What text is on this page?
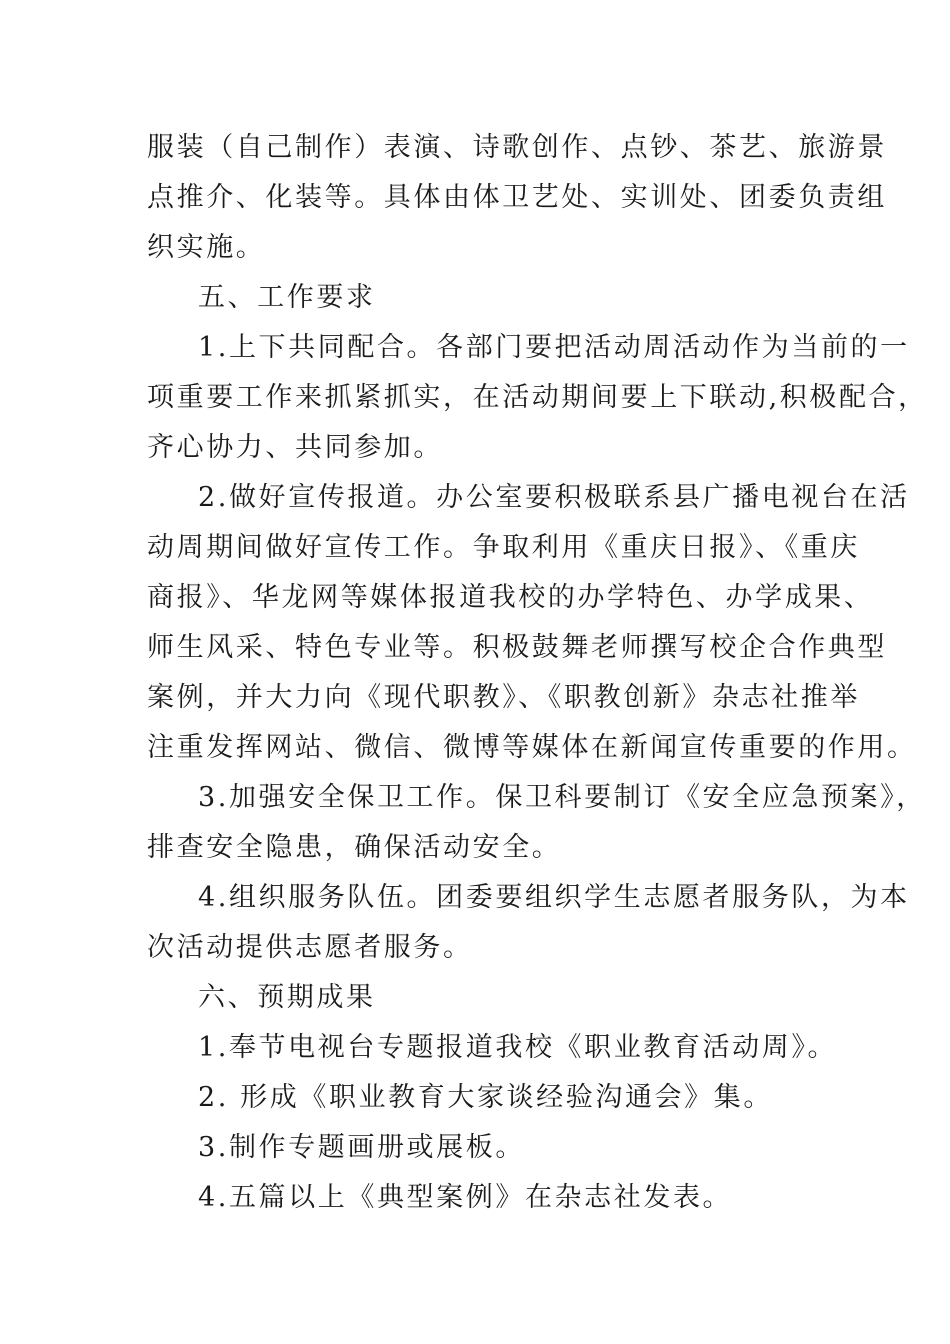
服装（自己制作）表演、诗歌创作、点钞、茶艺、旅游景

点推介、化装等。具体由体卫艺处、实训处、团委负责组

织实施。

五、工作要求

1.上下共同配合。各部门要把活动周活动作为当前的一

项重要工作来抓紧抓实，在活动期间要上下联动,积极配合，

齐心协力、共同参加。

2.做好宣传报道。办公室要积极联系县广播电视台在活

动周期间做好宣传工作。争取利用《重庆日报》、《重庆

商报》、华龙网等媒体报道我校的办学特色、办学成果、

师生风采、特色专业等。积极鼓舞老师撰写校企合作典型

案例，并大力向《现代职教》、《职教创新》杂志社推举

注重发挥网站、微信、微博等媒体在新闻宣传重要的作用。

3.加强安全保卫工作。保卫科要制订《安全应急预案》，

排查安全隐患，确保活动安全。

4.组织服务队伍。团委要组织学生志愿者服务队，为本

次活动提供志愿者服务。

六、预期成果

1.奉节电视台专题报道我校《职业教育活动周》。

2. 形成《职业教育大家谈经验沟通会》集。

3.制作专题画册或展板。

4.五篇以上《典型案例》在杂志社发表。
